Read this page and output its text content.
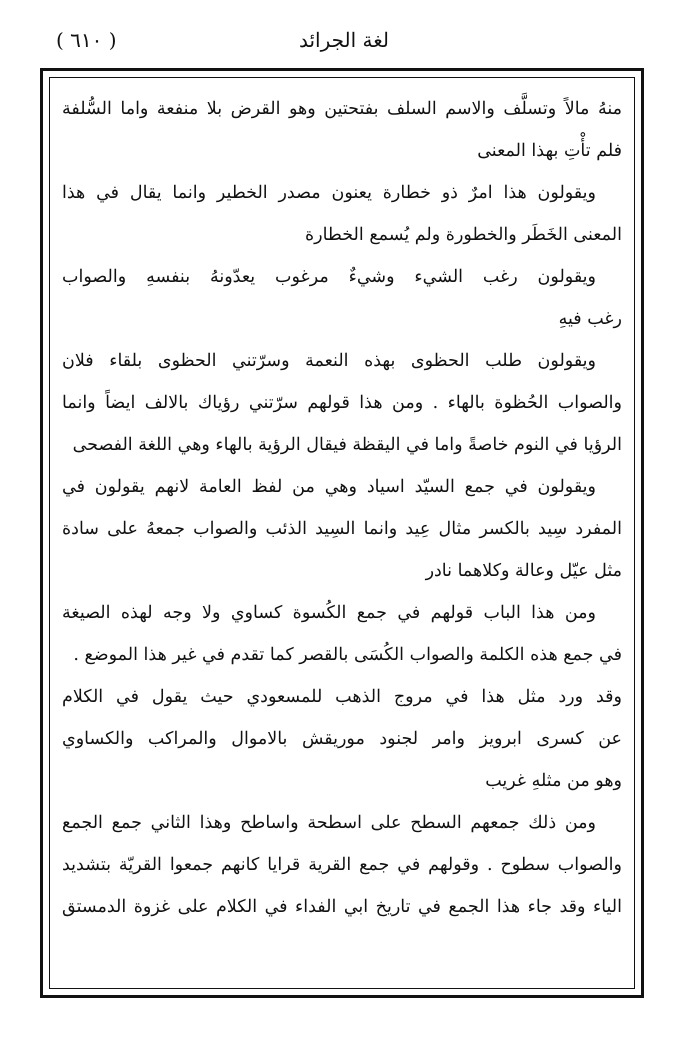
لغة الجرائد
( ٦١٠ )
منهُ مالاً وتسلَّف والاسم السلف بفتحتين وهو القرض بلا منفعة واما السُّلفة
فلم تأْتِ بهذا المعنى
ويقولون هذا امرٌ ذو خطارة يعنون مصدر الخطير وانما يقال في هذا
المعنى الخَطَر والخطورة ولم يُسمع الخطارة
ويقولون رغب الشيء وشيءٌ مرغوب يعدّونهُ بنفسهِ والصواب
رغب فيهِ
ويقولون طلب الحظوى بهذه النعمة وسرّتني الحظوى بلقاء فلان
والصواب الحُظوة بالهاء . ومن هذا قولهم سرّتني رؤياك بالالف ايضاً وانما
الرؤيا في النوم خاصةً واما في اليقظة فيقال الرؤية بالهاء وهي اللغة الفصحى
ويقولون في جمع السيّد اسياد وهي من لفظ العامة لانهم يقولون في
المفرد سِيد بالكسر مثال عِيد وانما السِيد الذئب والصواب جمعهُ على سادة
مثل عيّل وعالة وكلاهما نادر
ومن هذا الباب قولهم في جمع الكُسوة كساوي ولا وجه لهذه الصيغة
في جمع هذه الكلمة والصواب الكُسَى بالقصر كما تقدم في غير هذا الموضع .
وقد ورد مثل هذا في مروج الذهب للمسعودي حيث يقول في الكلام
عن كسرى ابرويز وامر لجنود موريقش بالاموال والمراكب والكساوي
وهو من مثلهِ غريب
ومن ذلك جمعهم السطح على اسطحة واساطح وهذا الثاني جمع الجمع
والصواب سطوح . وقولهم في جمع القرية قرايا كانهم جمعوا القريّة بتشديد
الياء وقد جاء هذا الجمع في تاريخ ابي الفداء في الكلام على غزوة الدمستق
